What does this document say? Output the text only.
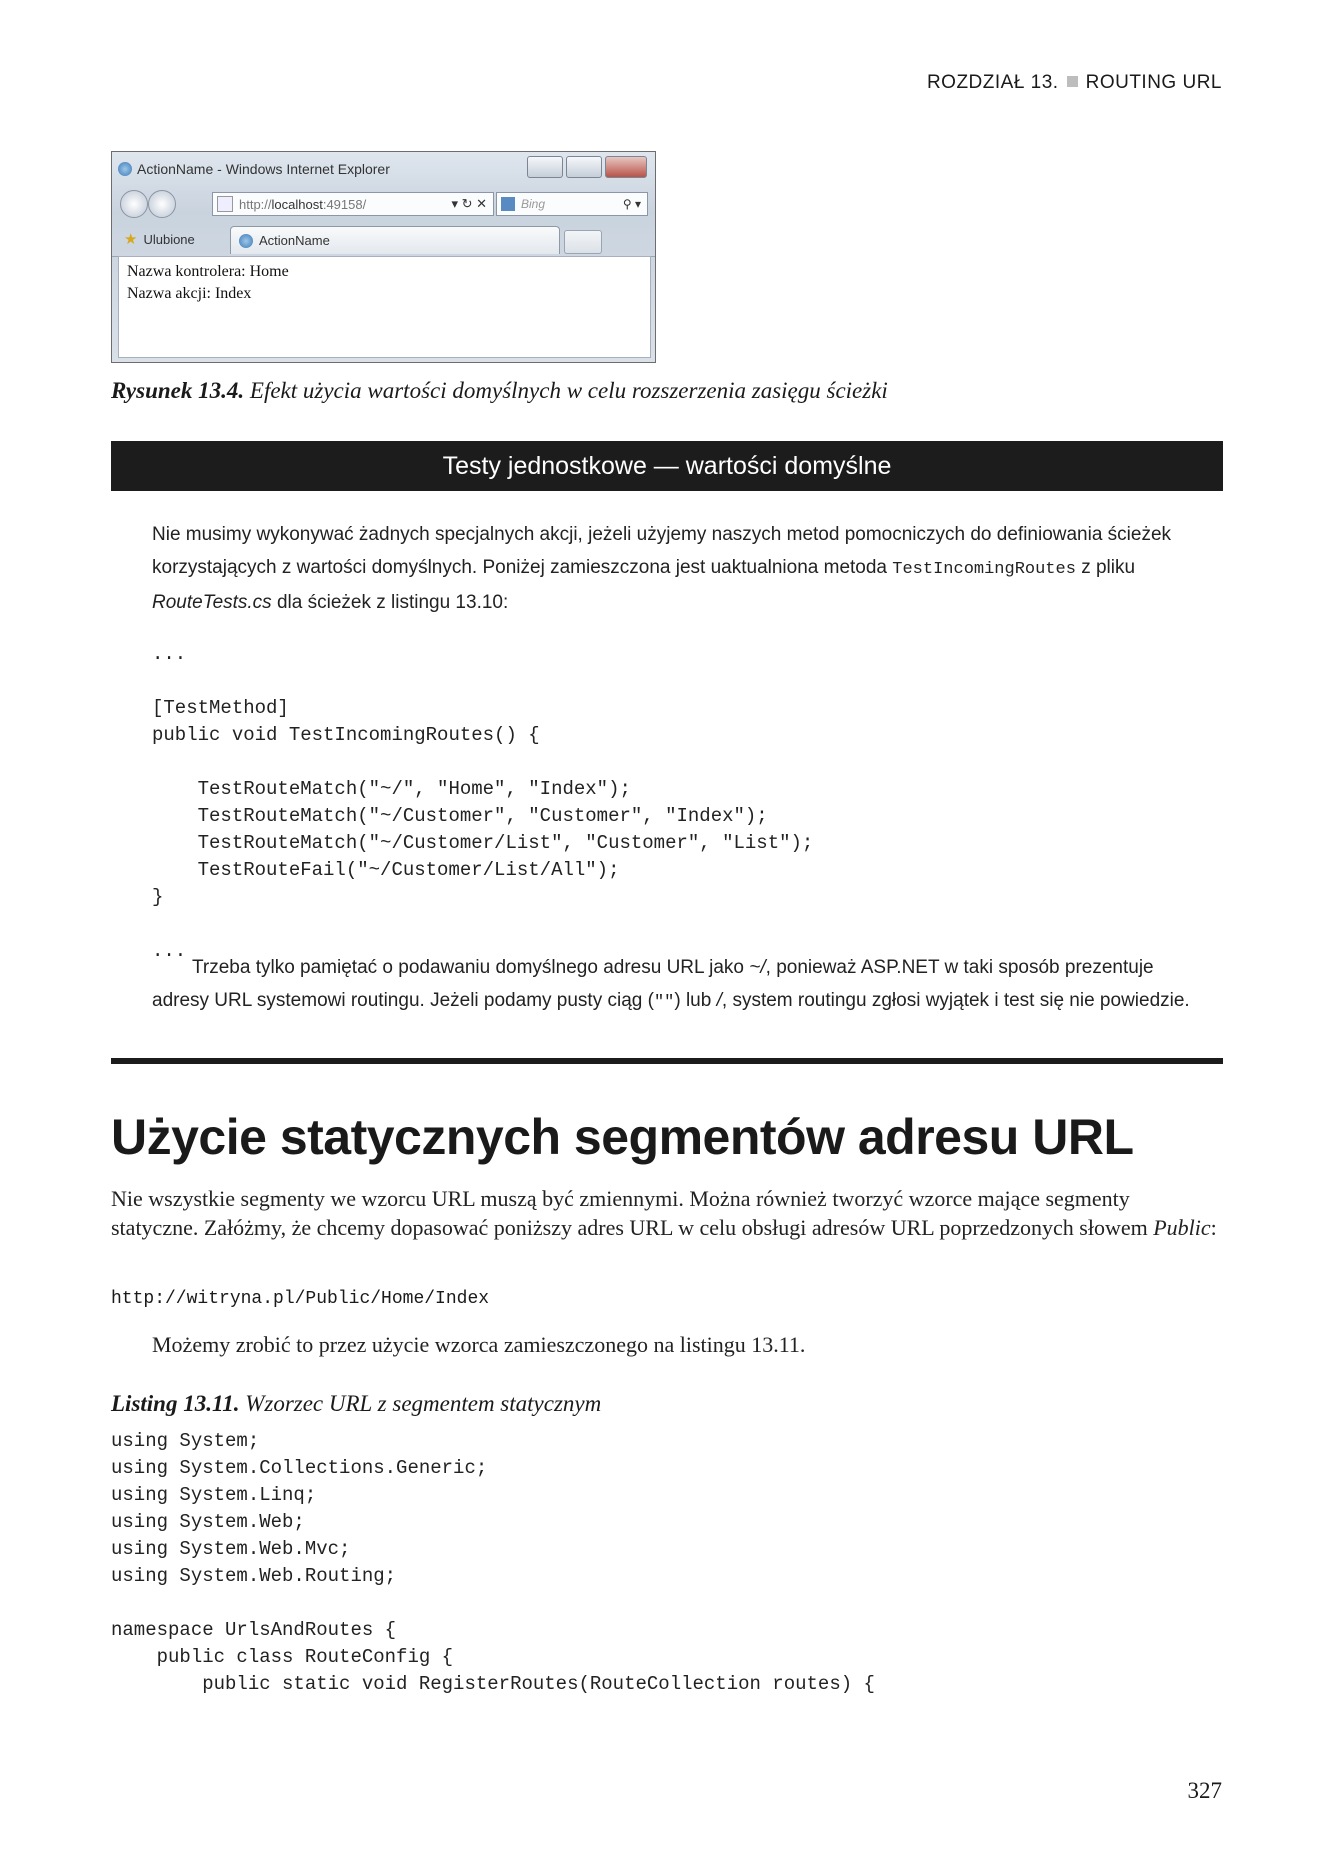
ROZDZIAŁ 13. ROUTING URL
ActionName - Windows Internet Explorer
http:// localhost :49158/	▾ ↻ ✕	Bing	⚲ ▾
★ Ulubione	ActionName
Nazwa kontrolera: Home
Nazwa akcji: Index
Rysunek 13.4. Efekt użycia wartości domyślnych w celu rozszerzenia zasięgu ścieżki
Testy jednostkowe — wartości domyślne
Nie musimy wykonywać żadnych specjalnych akcji, jeżeli użyjemy naszych metod pomocniczych do definiowania ścieżek korzystających z wartości domyślnych. Poniżej zamieszczona jest uaktualniona metoda TestIncomingRoutes z pliku RouteTests.cs dla ścieżek z listingu 13.10:
...

[TestMethod]
public void TestIncomingRoutes() {

TestRouteMatch("~/", "Home", "Index");
TestRouteMatch("~/Customer", "Customer", "Index");
TestRouteMatch("~/Customer/List", "Customer", "List");
TestRouteFail("~/Customer/List/All");
}

...
Trzeba tylko pamiętać o podawaniu domyślnego adresu URL jako ~/, ponieważ ASP.NET w taki sposób prezentuje adresy URL systemowi routingu. Jeżeli podamy pusty ciąg ("") lub /, system routingu zgłosi wyjątek i test się nie powiedzie.
Użycie statycznych segmentów adresu URL
Nie wszystkie segmenty we wzorcu URL muszą być zmiennymi. Można również tworzyć wzorce mające segmenty statyczne. Załóżmy, że chcemy dopasować poniższy adres URL w celu obsługi adresów URL poprzedzonych słowem Public:
http://witryna.pl/Public/Home/Index
Możemy zrobić to przez użycie wzorca zamieszczonego na listingu 13.11.
Listing 13.11. Wzorzec URL z segmentem statycznym
using System;
using System.Collections.Generic;
using System.Linq;
using System.Web;
using System.Web.Mvc;
using System.Web.Routing;

namespace UrlsAndRoutes {
public class RouteConfig {
public static void RegisterRoutes(RouteCollection routes) {
327
